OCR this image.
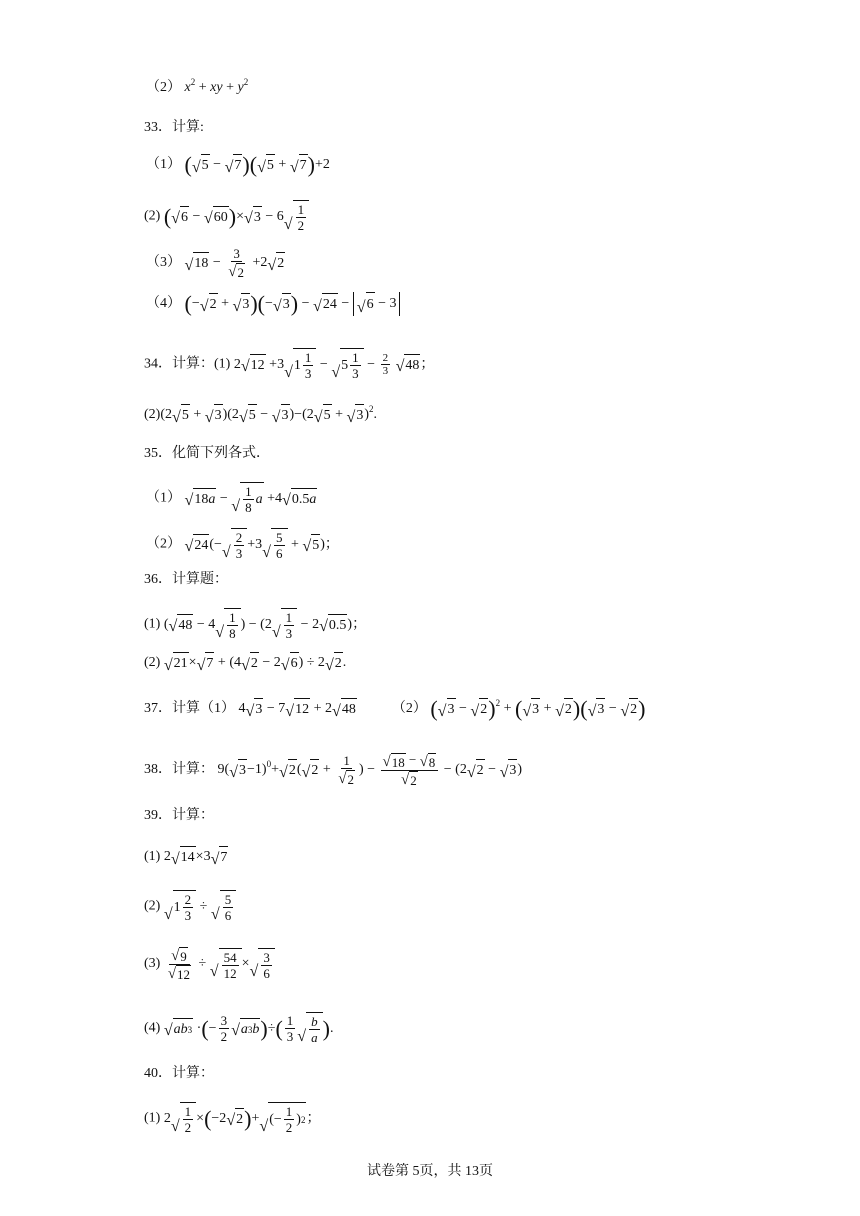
（2） $x^2$ + xy + $y^2$
33．计算:
（1） ( √ 5 − √ 7 )( √ 5 + √ 7 )+2
(2) ( √ 6 − √ 60 )× √ 3 − 6 √ $\frac{1}{2}$
（3） √ $18 - \frac{3}{√ 2} +2$ √ 2
（4） (− √ 2 + √ 3 )(− √ 3 ) − √ 24 − √ 6 − 3
34．计算：(1) 2 √ 12 +3 √ $1 \frac{1}{3}$ − √ $5 \frac{1}{3} - \frac{2}{3}$
√ 48 ；
(2)(2 √ 5 + √ 3 )(2 √ 5 − √ 3 )−(2 √ 5 + √ 3 )$^2$.
35．化简下列各式．
（1） √ 18 a − √ $\frac{1}{8}$ a +4 √ 0.5 a
（2） √ 24 (− √ $\frac{2}{3} +3$ √ $\frac{5}{6}$ + √ 5 )；
36．计算题：
(1) ( √ 48 − 4 √ $\frac{1}{8}$ ) − (2 √ $\frac{1}{3} - 2$ √ 0.5 )；
(2) √ 21 × √ 7 + (4 √ 2 − 2 √ 6 ) ÷ 2 √ 2 .
37．计算（1） 4 √ 3 − 7 √ 12 + 2 √ 48	（2） ( √ 3 − √ 2 )$^2$ + ( √ 3 + √ 2 )( √ 3 − √ 2 )
38．计算： 9( √ 3 −1)$^0$+ √ 2 ( √ $2 + \frac{1}{√ 2}$ ) − $\frac{√ 18 - √ 8}{√ 2} - (2$ √ 2 − √ 3 )
39．计算：
(1) 2 √ 14 ×3 √ 7
(2) √ $1 \frac{2}{3}$ ÷ √ $\frac{5}{6}$
$(3) \frac{√ 9}{√ 12}$ ÷ √ $\frac{54}{12}$ × √ $\frac{3}{6}$
(4) √ ab 3 ·(− $\frac{3}{2}$ √ a 3 b )÷( $\frac{1}{3}$ √ $\frac{b}{a}$ ).
40．计算：
(1) 2 √ $\frac{1}{2} \times(-2$ √ 2 )+ √ (− $\frac{1}{2}$ ) 2 ；
试卷第 5页，共 13页
